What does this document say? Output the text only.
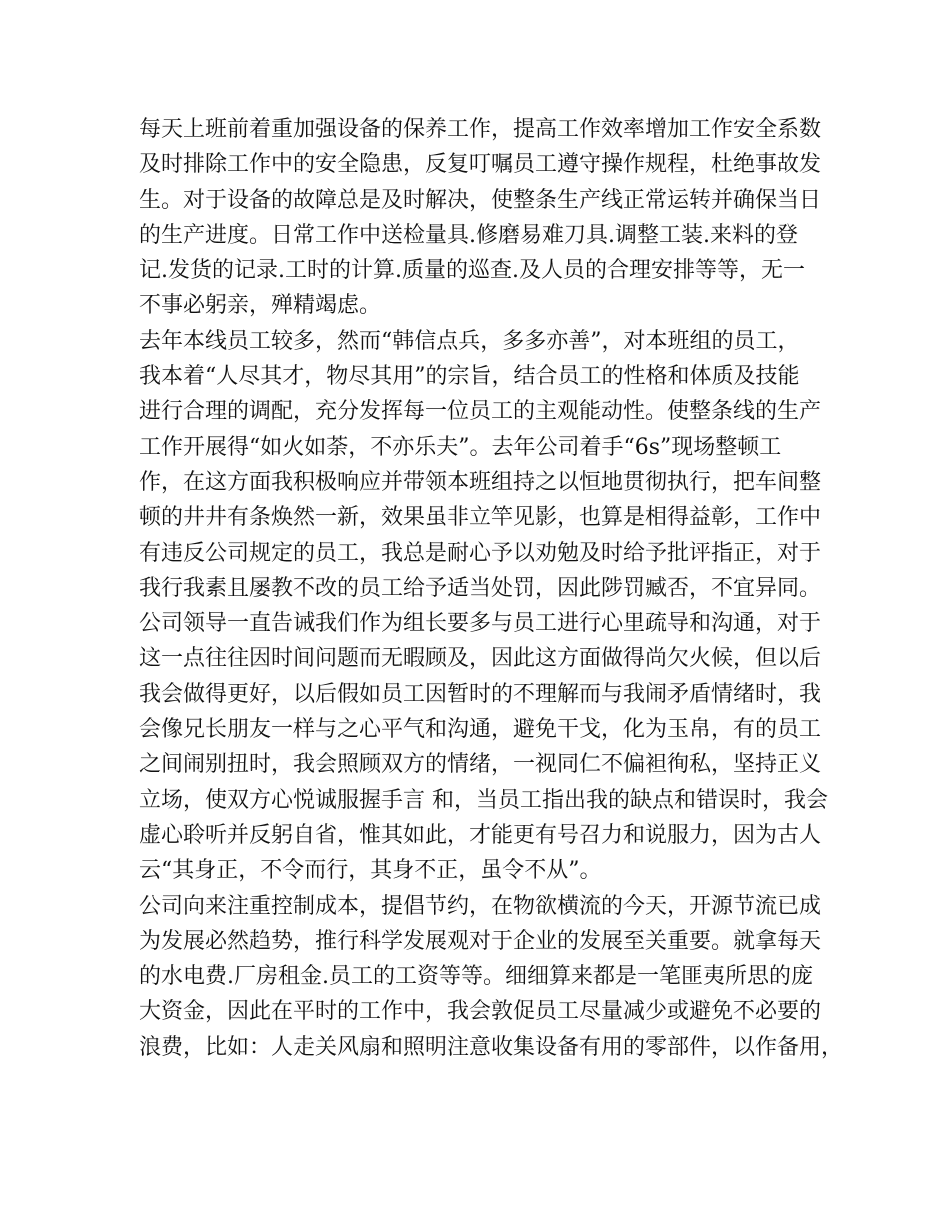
每天上班前着重加强设备的保养工作，提高工作效率增加工作安全系数
及时排除工作中的安全隐患，反复叮嘱员工遵守操作规程，杜绝事故发
生。对于设备的故障总是及时解决，使整条生产线正常运转并确保当日
的生产进度。日常工作中送检量具.修磨易难刀具.调整工装.来料的登
记.发货的记录.工时的计算.质量的巡查.及人员的合理安排等等，无一
不事必躬亲，殚精竭虑。
去年本线员工较多，然而“韩信点兵，多多亦善”，对本班组的员工，
我本着“人尽其才，物尽其用”的宗旨，结合员工的性格和体质及技能
进行合理的调配，充分发挥每一位员工的主观能动性。使整条线的生产
工作开展得“如火如荼，不亦乐夫”。去年公司着手“6s”现场整顿工
作，在这方面我积极响应并带领本班组持之以恒地贯彻执行，把车间整
顿的井井有条焕然一新，效果虽非立竿见影，也算是相得益彰，工作中
有违反公司规定的员工，我总是耐心予以劝勉及时给予批评指正，对于
我行我素且屡教不改的员工给予适当处罚，因此陟罚臧否，不宜异同。
公司领导一直告诫我们作为组长要多与员工进行心里疏导和沟通，对于
这一点往往因时间问题而无暇顾及，因此这方面做得尚欠火候，但以后
我会做得更好，以后假如员工因暂时的不理解而与我闹矛盾情绪时，我
会像兄长朋友一样与之心平气和沟通，避免干戈，化为玉帛，有的员工
之间闹别扭时，我会照顾双方的情绪，一视同仁不偏袒徇私，坚持正义
立场，使双方心悦诚服握手言 和，当员工指出我的缺点和错误时，我会
虚心聆听并反躬自省，惟其如此，才能更有号召力和说服力，因为古人
云“其身正，不令而行，其身不正，虽令不从”。
公司向来注重控制成本，提倡节约，在物欲横流的今天，开源节流已成
为发展必然趋势，推行科学发展观对于企业的发展至关重要。就拿每天
的水电费.厂房租金.员工的工资等等。细细算来都是一笔匪夷所思的庞
大资金，因此在平时的工作中，我会敦促员工尽量减少或避免不必要的
浪费，比如：人走关风扇和照明注意收集设备有用的零部件，以作备用，
